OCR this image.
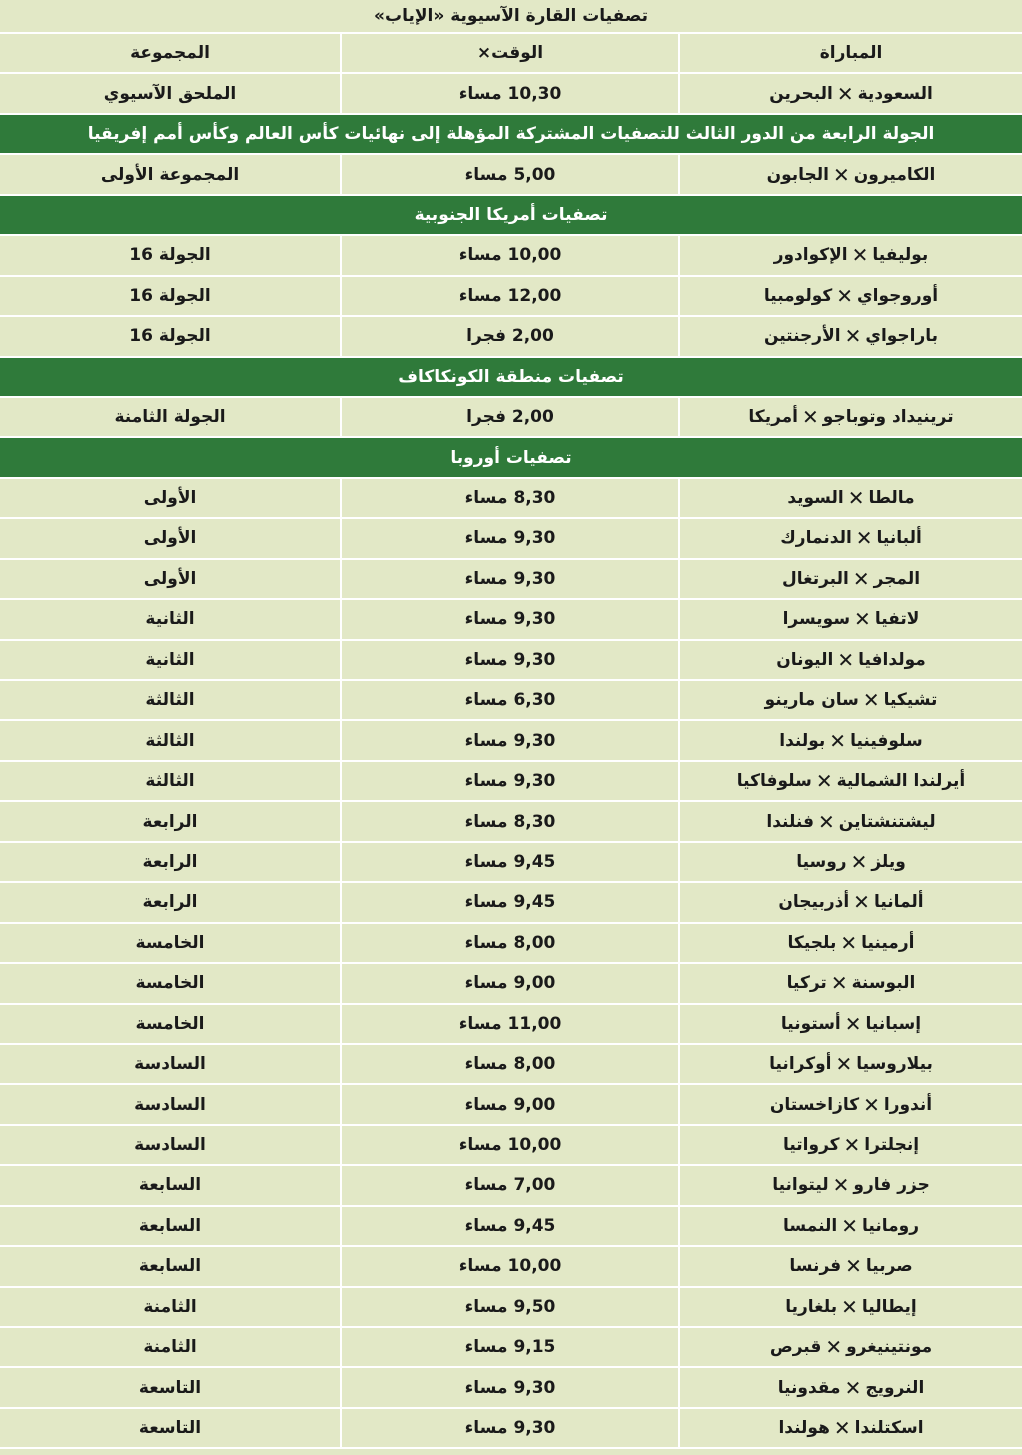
تصفيات القارة الآسيوية «الإياب»
المباراة
الوقت×
المجموعة
السعودية
✕
البحرين
10,30 مساء
الملحق الآسيوي
الجولة الرابعة من الدور الثالث للتصفيات المشتركة المؤهلة إلى نهائيات كأس العالم وكأس أمم إفريقيا
الكاميرون
✕
الجابون
5,00 مساء
المجموعة الأولى
تصفيات أمريكا الجنوبية
بوليفيا
✕
الإكوادور
10,00 مساء
الجولة 16
أوروجواي
✕
كولومبيا
12,00 مساء
الجولة 16
باراجواي
✕
الأرجنتين
2,00 فجرا
الجولة 16
تصفيات منطقة الكونكاكاف
ترينيداد وتوباجو
✕
أمريكا
2,00 فجرا
الجولة الثامنة
تصفيات أوروبا
مالطا
✕
السويد
8,30 مساء
الأولى
ألبانيا
✕
الدنمارك
9,30 مساء
الأولى
المجر
✕
البرتغال
9,30 مساء
الأولى
لاتفيا
✕
سويسرا
9,30 مساء
الثانية
مولدافيا
✕
اليونان
9,30 مساء
الثانية
تشيكيا
✕
سان مارينو
6,30 مساء
الثالثة
سلوفينيا
✕
بولندا
9,30 مساء
الثالثة
أيرلندا الشمالية
✕
سلوفاكيا
9,30 مساء
الثالثة
ليشتنشتاين
✕
فنلندا
8,30 مساء
الرابعة
ويلز
✕
روسيا
9,45 مساء
الرابعة
ألمانيا
✕
أذربيجان
9,45 مساء
الرابعة
أرمينيا
✕
بلجيكا
8,00 مساء
الخامسة
البوسنة
✕
تركيا
9,00 مساء
الخامسة
إسبانيا
✕
أستونيا
11,00 مساء
الخامسة
بيلاروسيا
✕
أوكرانيا
8,00 مساء
السادسة
أندورا
✕
كازاخستان
9,00 مساء
السادسة
إنجلترا
✕
كرواتيا
10,00 مساء
السادسة
جزر فارو
✕
ليتوانيا
7,00 مساء
السابعة
رومانيا
✕
النمسا
9,45 مساء
السابعة
صربيا
✕
فرنسا
10,00 مساء
السابعة
إيطاليا
✕
بلغاريا
9,50 مساء
الثامنة
مونتينيغرو
✕
قبرص
9,15 مساء
الثامنة
النرويج
✕
مقدونيا
9,30 مساء
التاسعة
اسكتلندا
✕
هولندا
9,30 مساء
التاسعة
